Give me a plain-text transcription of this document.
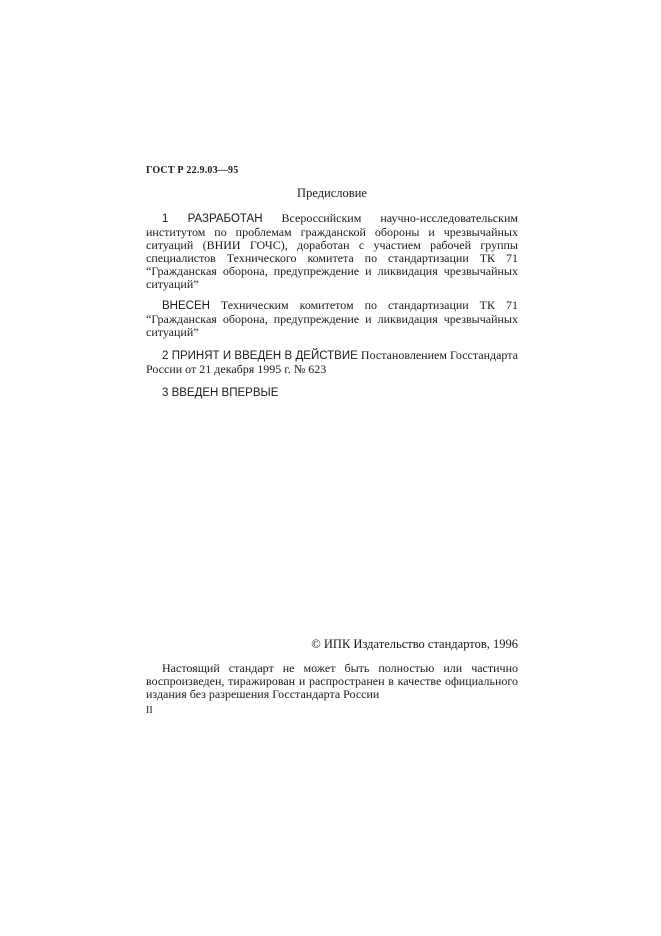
ГОСТ Р 22.9.03—95
Предисловие
1 РАЗРАБОТАН Всероссийским научно-исследовательским институтом по проблемам гражданской обороны и чрезвычайных ситуаций (ВНИИ ГОЧС), доработан с участием рабочей группы специалистов Технического комитета по стандартизации ТК 71 “Гражданская оборона, предупреждение и ликвидация чрезвычайных ситуаций”
ВНЕСЕН Техническим комитетом по стандартизации ТК 71 “Гражданская оборона, предупреждение и ликвидация чрезвычайных ситуаций”
2 ПРИНЯТ И ВВЕДЕН В ДЕЙСТВИЕ Постановлением Госстандарта России от 21 декабря 1995 г. № 623
3 ВВЕДЕН ВПЕРВЫЕ
© ИПК Издательство стандартов, 1996
Настоящий стандарт не может быть полностью или частично воспроизведен, тиражирован и распространен в качестве официального издания без разрешения Госстандарта России
II
